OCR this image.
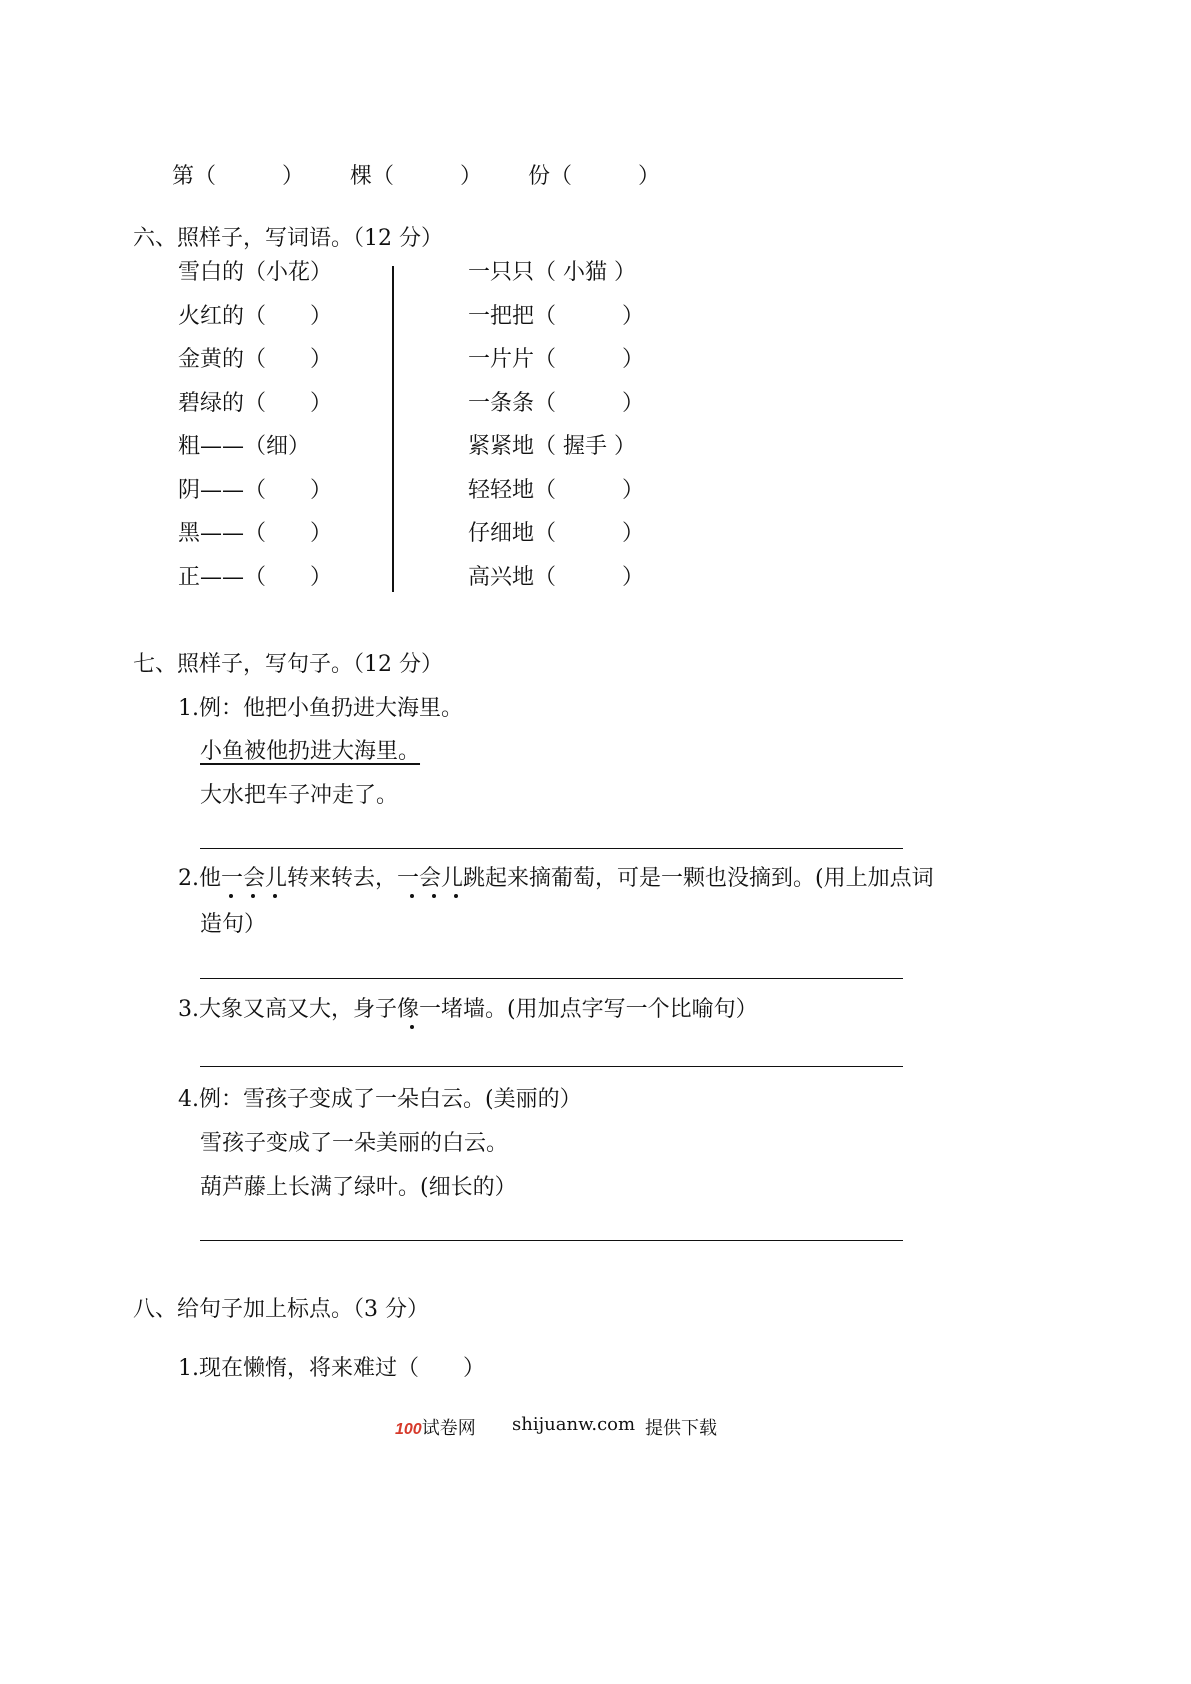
第（　　　） 棵（　　　） 份（　　　）
六、照样子，写词语。（12 分）
雪白的（小花）
火红的（　　）
金黄的（　　）
碧绿的（　　）
粗——（细）
阴——（　　）
黑——（　　）
正——（　　）
一只只（ 小猫 ）
一把把（　　　）
一片片（　　　）
一条条（　　　）
紧紧地（ 握手 ）
轻轻地（　　　）
仔细地（　　　）
高兴地（　　　）
七、照样子，写句子。（12 分）
1.例：他把小鱼扔进大海里。
小鱼被他扔进大海里。
大水把车子冲走了。
2.他一会儿转来转去，一会儿跳起来摘葡萄，可是一颗也没摘到。(用上加点词
造句）
3.大象又高又大，身子像一堵墙。(用加点字写一个比喻句）
4.例：雪孩子变成了一朵白云。(美丽的）
雪孩子变成了一朵美丽的白云。
葫芦藤上长满了绿叶。(细长的）
八、给句子加上标点。（3 分）
1.现在懒惰，将来难过（　　）
100试卷网 shijuanw.com 提供下载
